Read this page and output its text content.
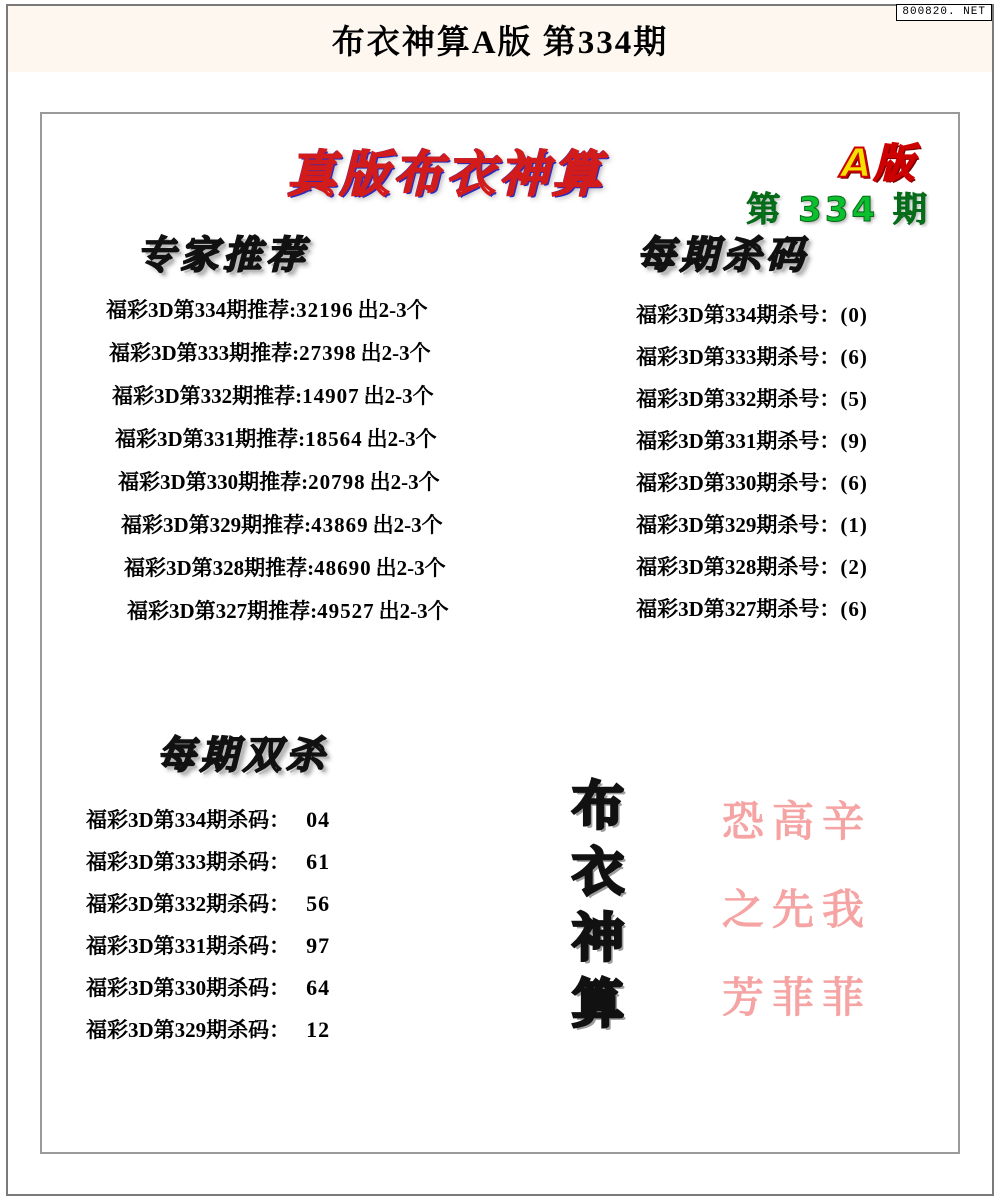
800820. NET
布衣神算A版 第334期
真版布衣神算	A版
第 334 期
专家推荐	每期杀码
每期双杀
福彩3D第334期推荐: 32196 出2-3个
福彩3D第333期推荐: 27398 出2-3个
福彩3D第332期推荐: 14907 出2-3个
福彩3D第331期推荐: 18564 出2-3个
福彩3D第330期推荐: 20798 出2-3个
福彩3D第329期推荐: 43869 出2-3个
福彩3D第328期推荐: 48690 出2-3个
福彩3D第327期推荐: 49527 出2-3个
福彩3D第334期杀号： (0)
福彩3D第333期杀号： (6)
福彩3D第332期杀号： (5)
福彩3D第331期杀号： (9)
福彩3D第330期杀号： (6)
福彩3D第329期杀号： (1)
福彩3D第328期杀号： (2)
福彩3D第327期杀号： (6)
福彩3D第334期杀码： 04
福彩3D第333期杀码： 61
福彩3D第332期杀码： 56
福彩3D第331期杀码： 97
福彩3D第330期杀码： 64
福彩3D第329期杀码： 12
布
衣
神
算
恐高辛
之先我
芳菲菲
